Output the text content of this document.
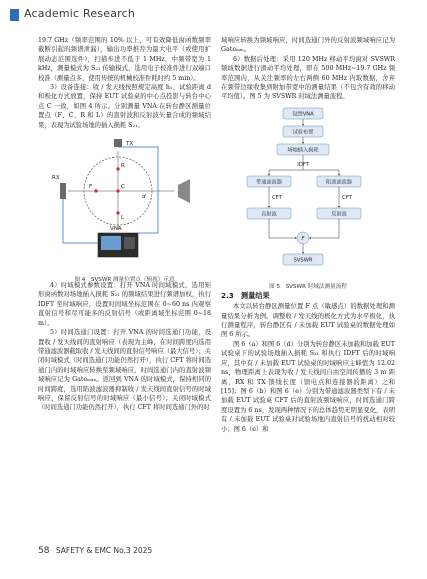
Academic Research

19.7 GHz（频率范围的 10% 以上，可有效降低窗函数频率截断引起的频谱泄漏），输出功率推荐为最大电平（或使用扩展动态范围选件），扫描步进不低于 1 MHz，中频带宽为 1 kHz，测量模式为 S₂₁ 传输模式，选用电子校准件进行双端口校准（测量点多，使用传统的机械校准件耗时约 5 min）。

3）设备连接：收 / 发天线按照规定高度 h₁、试验距离 d 和极化方式放置，保持 EUT 试验桌的中心点投影与转台中心点 C 一致，如图 4 所示。分别测量 VNA 在转台静区测量位置点（F、C、R 和 L）的直射波和反射波矢量合成的频域结果，表现为试验场地的插入损耗 S₂₁。

F	C
R
L
d
RX
TX
VNA
图 4　SVSWR 测量位置点（俯视）示意

4）时域模式参数设置：打开 VNA 时间域模式，选用矩形窗函数对场地插入损耗 S₂₁ 的频域结果进行频谱加权，执行 IDFT 至时域响应，设置时间域坐标范围在 0~60 ns 内观察直射信号和尽可能多的反射信号（或距离域坐标范围 0~18 m）。

5）时间选通门设置：打开 VNA 的时间选通门功能，设置收 / 发天线间的直射响应（表现为主峰，在时间跨度内选用带通滤波器截取收 / 发天线间的直射信号响应（最大信号）；关闭时域模式（时间选通门功能仍然打开），执行 CFT 将时间选通门内的时域响应转换至频域响应，时间选通门内的直射波频域响应记为 Gateₘₐₓ。返回到 VNA 的时域模式，保持相同的时间跨度，选用陷波滤波器抑制收 / 发天线间直射信号的时域响应，保留反射信号的时域响应（最小信号）；关闭时域模式（时间选通门功能仍然打开），执行 CFT 将时间选通门外的时

域响应转换为频域响应，时间选通门外的反射波频域响应记为 Gateₘᵢₙ。

6）数据后处理：采用 120 MHz 移动平均窗对 SVSWR 频域数据进行滑动平均处理，即在 500 MHz~19.7 GHz 频率范围内，从关注频率的左右两侧 60 MHz 内取数据，舍弃在频带边缘收集到附加带宽中的测量结果（不包含有效的移动平均值）。图 5 为 SVSWR 时域法测量流程。

设置VNA
试验布置
场地插入损耗
IDFT
带通滤波器	陷波滤波器
CFT	CFT
直射波	反射波
F
SVSWR
图 5　SVSWR 时域法测量流程
2.3　测量结果

本文以转台静区测量位置 F 点（敏感点）的数据处理和测量结果分析为例。调整收 / 发天线的极化方式为水平极化，执行测量程序，转台静区有 / 未加载 EUT 试验桌的数据处理如图 6 所示。

图 6（a）和图 6（d）分别为转台静区未加载和加载 EUT 试验桌下的试验场地插入损耗 S₂₁ 和执行 IDFT 后的时域响应，其中有 / 未加载 EUT 试验桌的时域响应主峰值为 12.02 ns，物理距离上表现为收 / 发天线间自由空间传播的 3 m 距离，RX 和 TX 馈线长度（馈电点和连接器的距离）之和 [15]；图 6（b）和图 6（e）分别为带通滤波器类型下有 / 未加载 EUT 试验桌 CFT 后的直射波频域响应，时间选通门跨度设置为 6 ns，发现两种情况下的总体趋势无明显变化，表明有 / 未加载 EUT 试验桌对试验场地内直射信号的扰动相对较小；图 6（e）和

58 SAFETY & EMC No.3 2025
